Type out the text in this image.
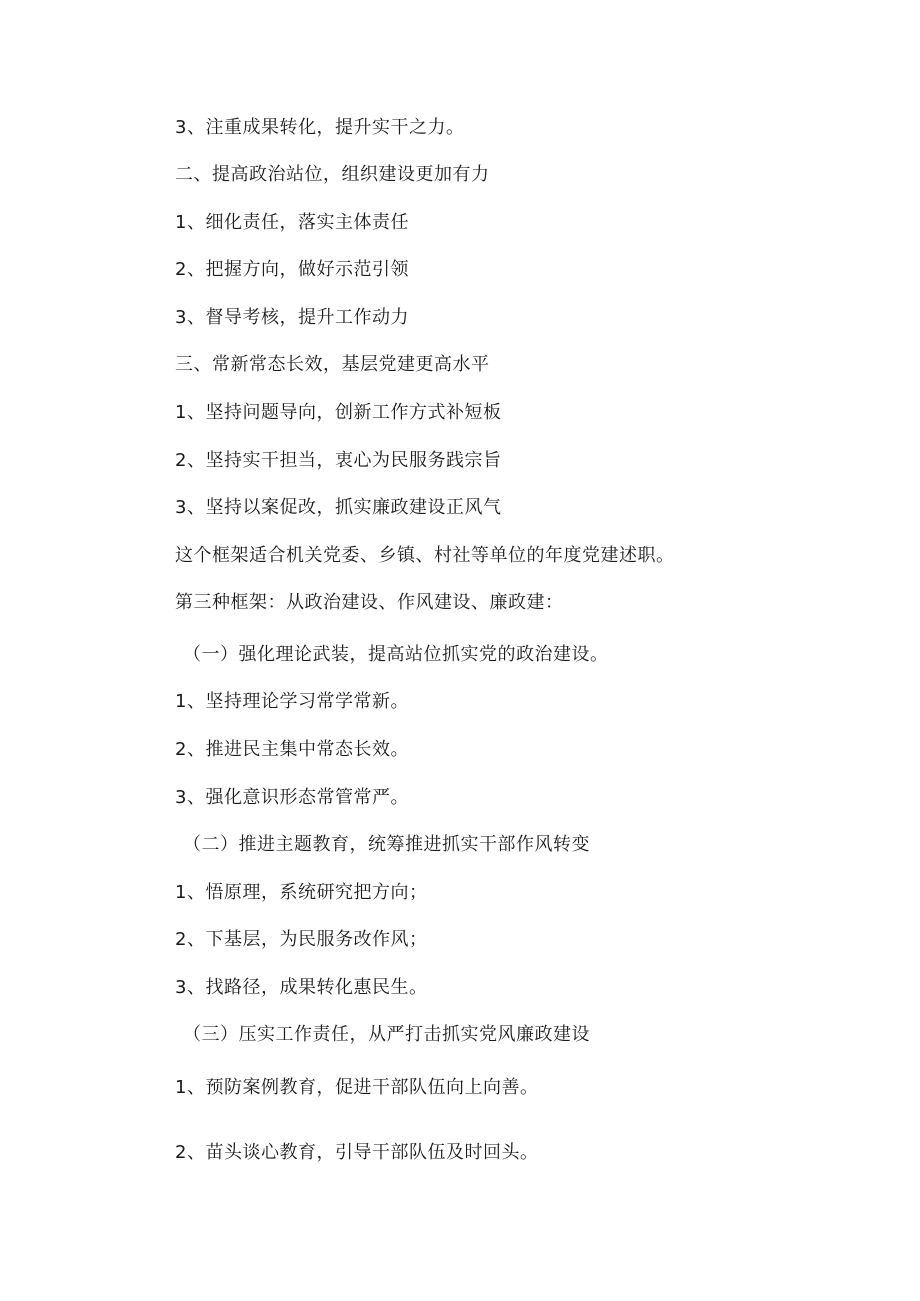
3、注重成果转化，提升实干之力。
二、提高政治站位，组织建设更加有力
1、细化责任，落实主体责任
2、把握方向，做好示范引领
3、督导考核，提升工作动力
三、常新常态长效，基层党建更高水平
1、坚持问题导向，创新工作方式补短板
2、坚持实干担当，衷心为民服务践宗旨
3、坚持以案促改，抓实廉政建设正风气
这个框架适合机关党委、乡镇、村社等单位的年度党建述职。
第三种框架：从政治建设、作风建设、廉政建：
（一）强化理论武装，提高站位抓实党的政治建设。
1、坚持理论学习常学常新。
2、推进民主集中常态长效。
3、强化意识形态常管常严。
（二）推进主题教育，统筹推进抓实干部作风转变
1、悟原理，系统研究把方向；
2、下基层，为民服务改作风；
3、找路径，成果转化惠民生。
（三）压实工作责任，从严打击抓实党风廉政建设
1、预防案例教育，促进干部队伍向上向善。
2、苗头谈心教育，引导干部队伍及时回头。
